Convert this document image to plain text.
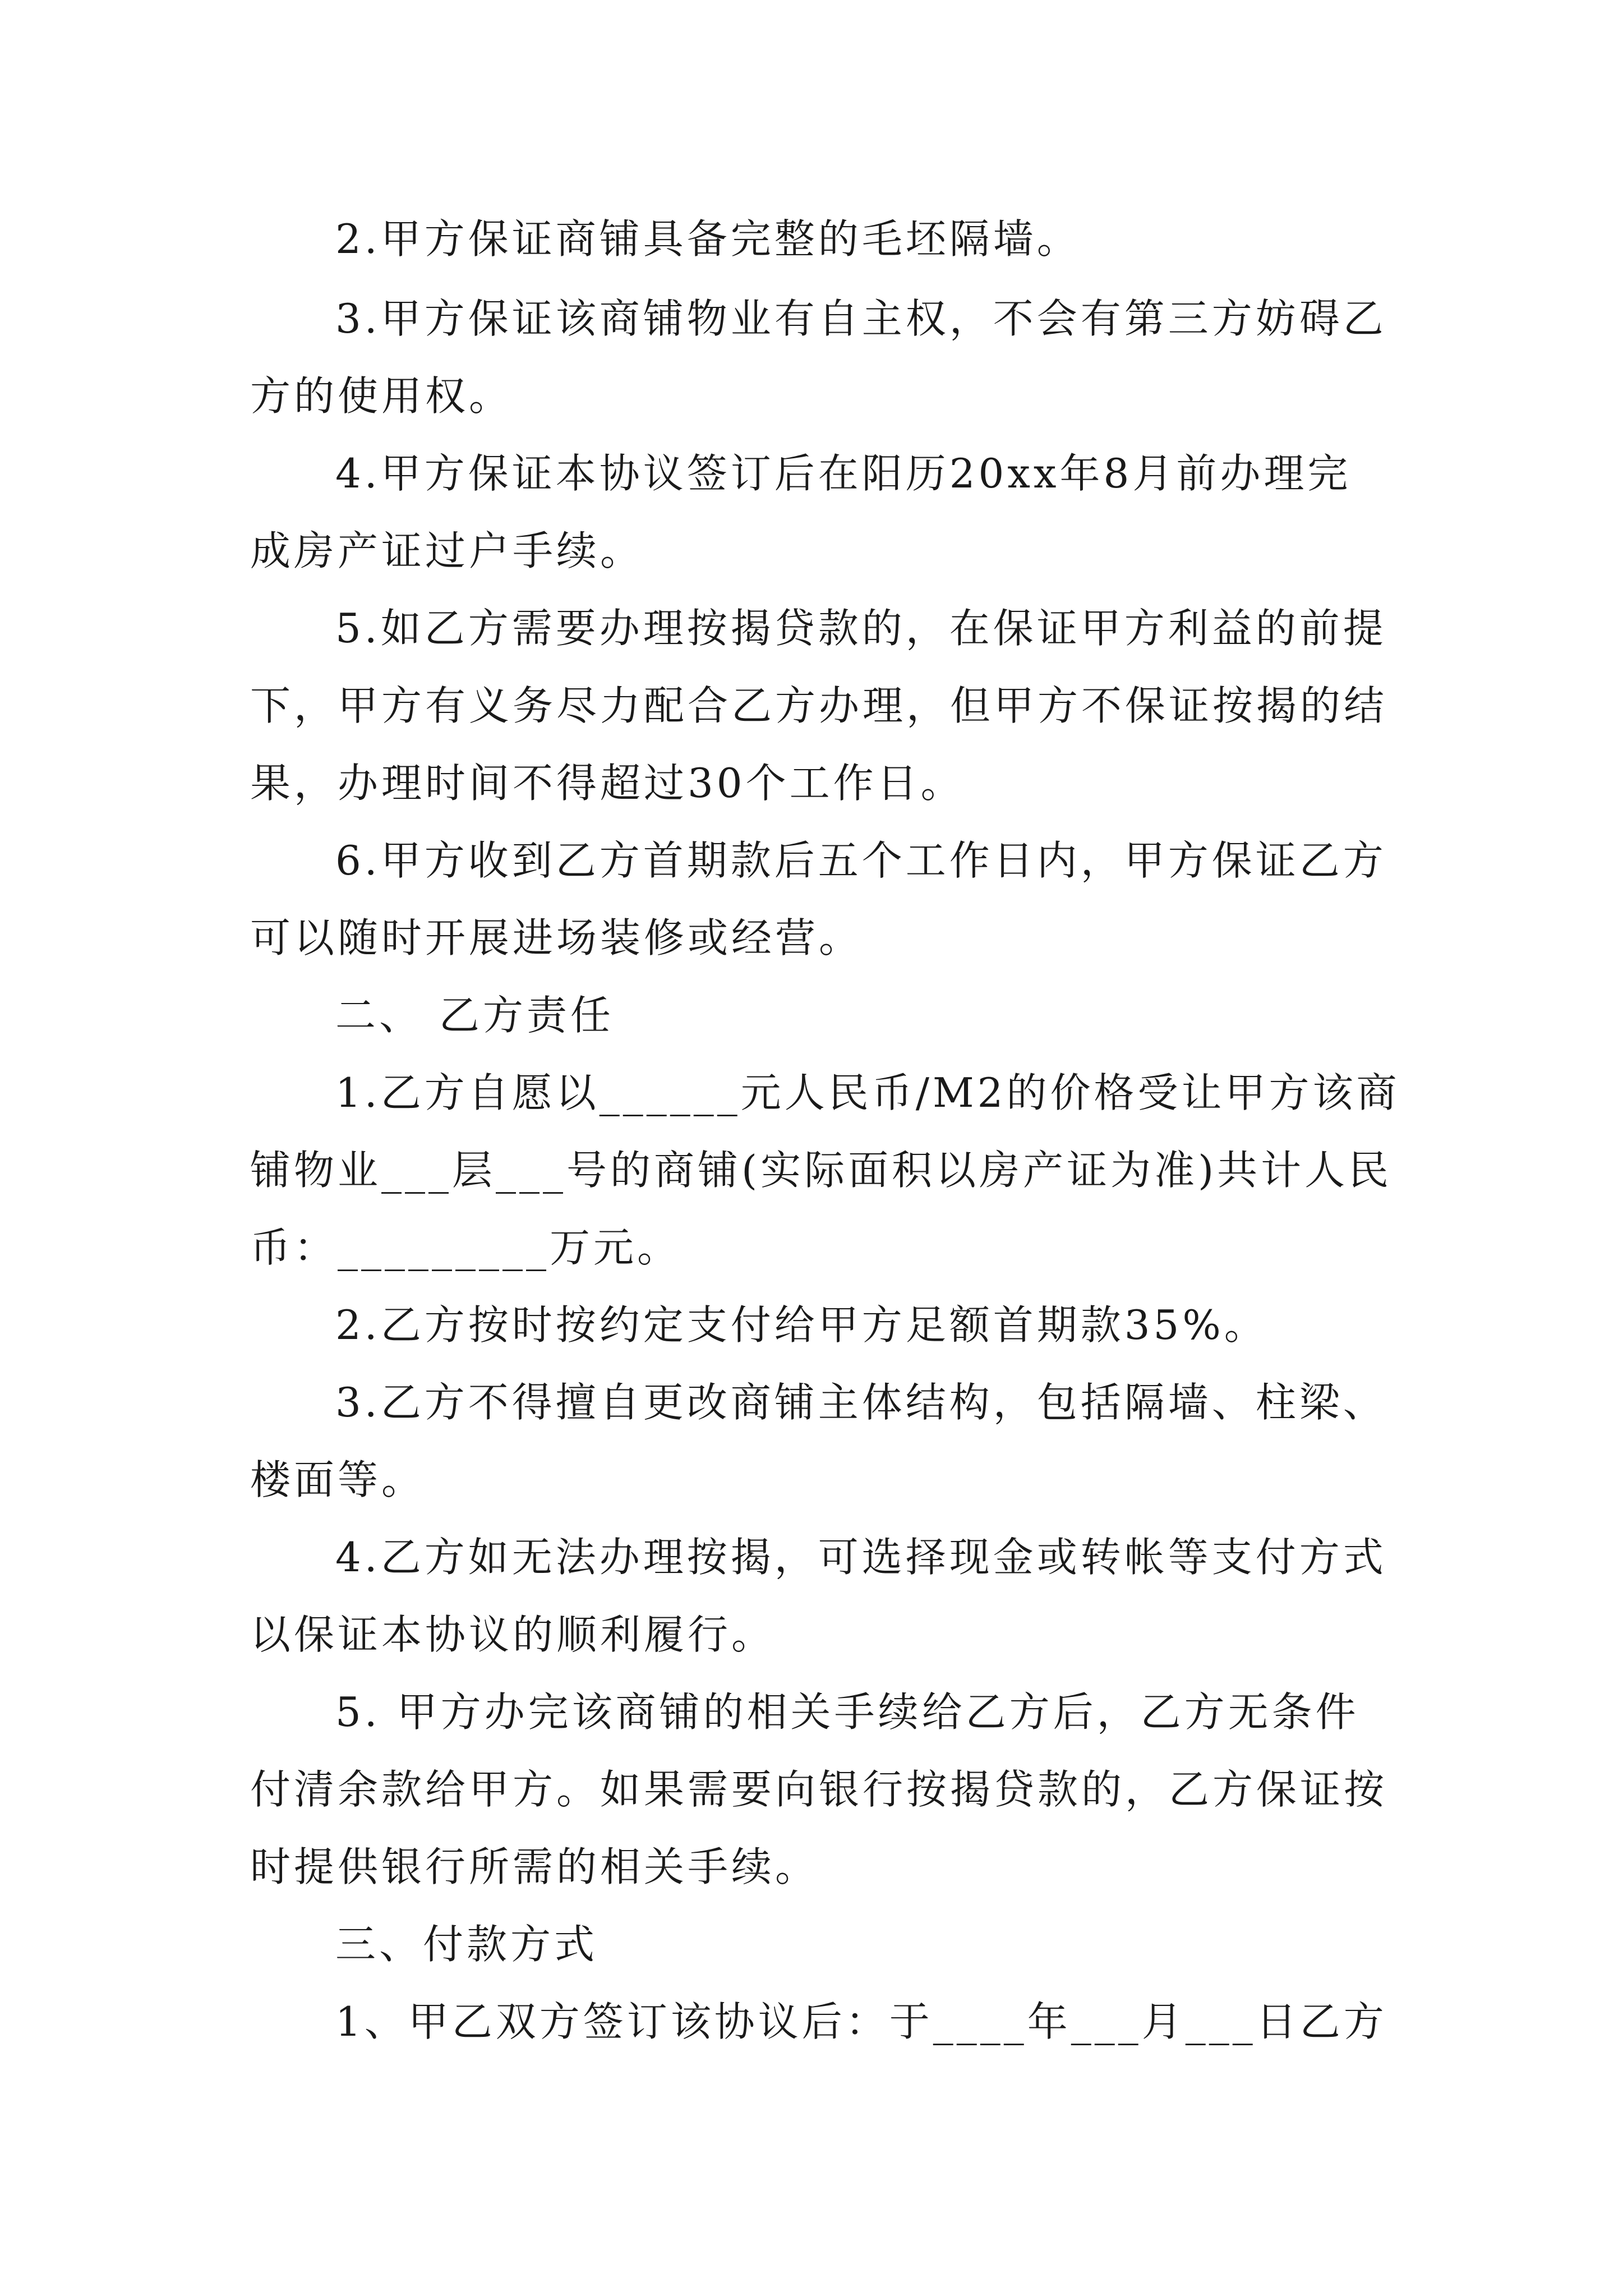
2.甲方保证商铺具备完整的毛坯隔墙。
3.甲方保证该商铺物业有自主权，不会有第三方妨碍乙
方的使用权。
4.甲方保证本协议签订后在阳历20xx年8月前办理完
成房产证过户手续。
5.如乙方需要办理按揭贷款的，在保证甲方利益的前提
下，甲方有义务尽力配合乙方办理，但甲方不保证按揭的结
果，办理时间不得超过30个工作日。
6.甲方收到乙方首期款后五个工作日内，甲方保证乙方
可以随时开展进场装修或经营。
二、 乙方责任
1.乙方自愿以______元人民币/M2的价格受让甲方该商
铺物业___层___号的商铺(实际面积以房产证为准)共计人民
币：_________万元。
2.乙方按时按约定支付给甲方足额首期款35%。
3.乙方不得擅自更改商铺主体结构，包括隔墙、柱梁、
楼面等。
4.乙方如无法办理按揭，可选择现金或转帐等支付方式
以保证本协议的顺利履行。
5. 甲方办完该商铺的相关手续给乙方后，乙方无条件
付清余款给甲方。如果需要向银行按揭贷款的，乙方保证按
时提供银行所需的相关手续。
三、付款方式
1、甲乙双方签订该协议后：于____年___月___日乙方
